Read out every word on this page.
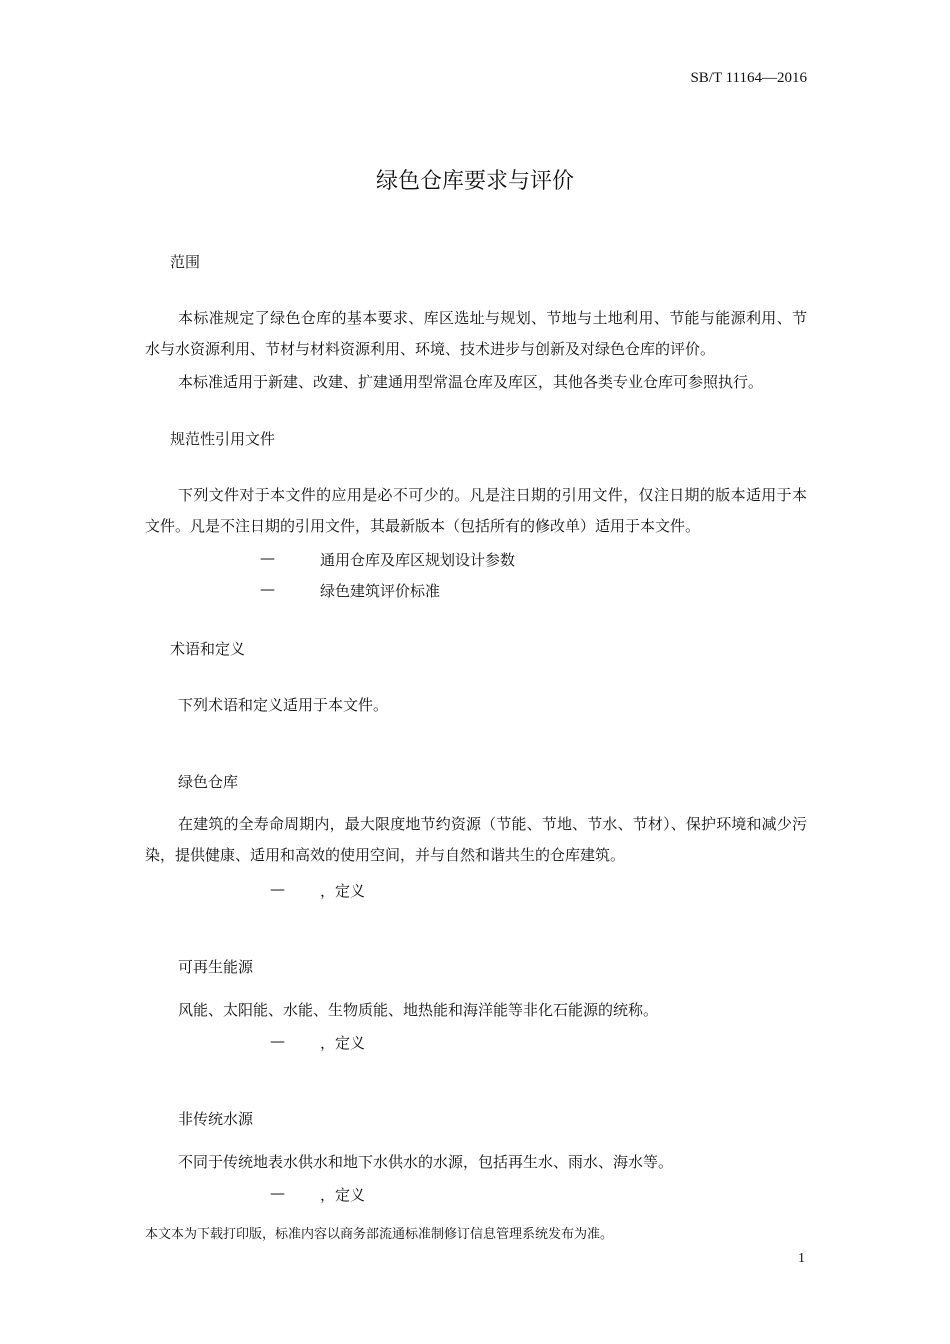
SB/T 11164—2016
绿色仓库要求与评价
范围
本标准规定了绿色仓库的基本要求、库区选址与规划、节地与土地利用、节能与能源利用、节水与水资源利用、节材与材料资源利用、环境、技术进步与创新及对绿色仓库的评价。
本标准适用于新建、改建、扩建通用型常温仓库及库区，其他各类专业仓库可参照执行。
规范性引用文件
下列文件对于本文件的应用是必不可少的。凡是注日期的引用文件，仅注日期的版本适用于本文件。凡是不注日期的引用文件，其最新版本（包括所有的修改单）适用于本文件。
—	通用仓库及库区规划设计参数
—	绿色建筑评价标准
术语和定义
下列术语和定义适用于本文件。
绿色仓库
在建筑的全寿命周期内，最大限度地节约资源（节能、节地、节水、节材）、保护环境和减少污染，提供健康、适用和高效的使用空间，并与自然和谐共生的仓库建筑。
— ，定义
可再生能源
风能、太阳能、水能、生物质能、地热能和海洋能等非化石能源的统称。
— ，定义
非传统水源
不同于传统地表水供水和地下水供水的水源，包括再生水、雨水、海水等。
— ，定义
本文本为下载打印版，标准内容以商务部流通标准制修订信息管理系统发布为准。
1
